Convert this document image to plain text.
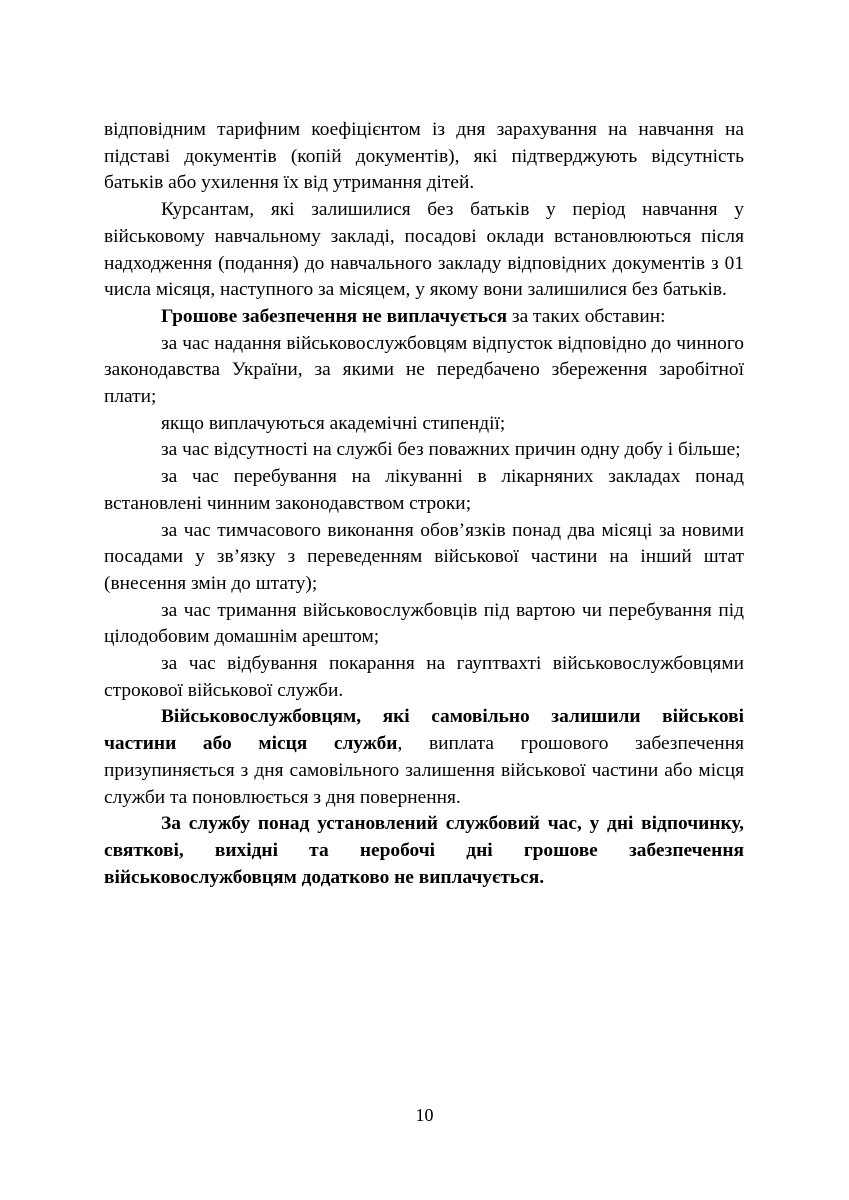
відповідним тарифним коефіцієнтом із дня зарахування на навчання на підставі документів (копій документів), які підтверджують відсутність батьків або ухилення їх від утримання дітей.

Курсантам, які залишилися без батьків у період навчання у військовому навчальному закладі, посадові оклади встановлюються після надходження (подання) до навчального закладу відповідних документів з 01 числа місяця, наступного за місяцем, у якому вони залишилися без батьків.

Грошове забезпечення не виплачується за таких обставин:

за час надання військовослужбовцям відпусток відповідно до чинного законодавства України, за якими не передбачено збереження заробітної плати;

якщо виплачуються академічні стипендії;

за час відсутності на службі без поважних причин одну добу і більше;

за час перебування на лікуванні в лікарняних закладах понад встановлені чинним законодавством строки;

за час тимчасового виконання обов’язків понад два місяці за новими посадами у зв’язку з переведенням військової частини на інший штат (внесення змін до штату);

за час тримання військовослужбовців під вартою чи перебування під цілодобовим домашнім арештом;

за час відбування покарання на гауптвахті військовослужбовцями строкової військової служби.

Військовослужбовцям, які самовільно залишили військові частини або місця служби, виплата грошового забезпечення призупиняється з дня самовільного залишення військової частини або місця служби та поновлюється з дня повернення.

За службу понад установлений службовий час, у дні відпочинку, святкові, вихідні та неробочі дні грошове забезпечення військовослужбовцям додатково не виплачується.

10
